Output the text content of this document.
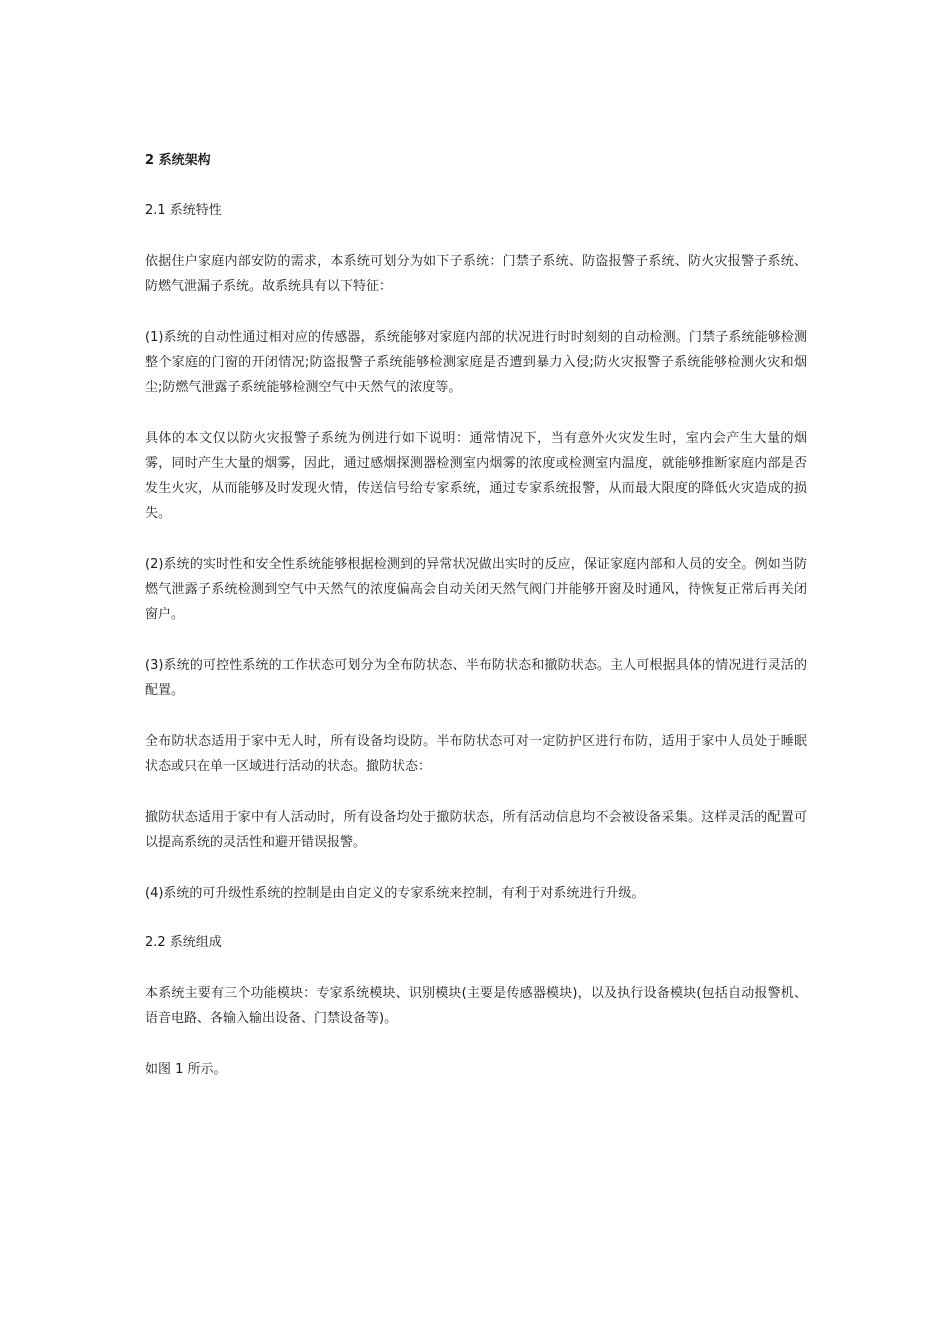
2 系统架构
2.1 系统特性
依据住户家庭内部安防的需求，本系统可划分为如下子系统：门禁子系统、防盗报警子系统、防火灾报警子系统、防燃气泄漏子系统。故系统具有以下特征：
(1)系统的自动性通过相对应的传感器，系统能够对家庭内部的状况进行时时刻刻的自动检测。门禁子系统能够检测整个家庭的门窗的开闭情况;防盗报警子系统能够检测家庭是否遭到暴力入侵;防火灾报警子系统能够检测火灾和烟尘;防燃气泄露子系统能够检测空气中天然气的浓度等。
具体的本文仅以防火灾报警子系统为例进行如下说明：通常情况下，当有意外火灾发生时，室内会产生大量的烟雾，同时产生大量的烟雾，因此，通过感烟探测器检测室内烟雾的浓度或检测室内温度，就能够推断家庭内部是否发生火灾，从而能够及时发现火情，传送信号给专家系统，通过专家系统报警，从而最大限度的降低火灾造成的损失。
(2)系统的实时性和安全性系统能够根据检测到的异常状况做出实时的反应，保证家庭内部和人员的安全。例如当防燃气泄露子系统检测到空气中天然气的浓度偏高会自动关闭天然气阀门并能够开窗及时通风，待恢复正常后再关闭窗户。
(3)系统的可控性系统的工作状态可划分为全布防状态、半布防状态和撤防状态。主人可根据具体的情况进行灵活的配置。
全布防状态适用于家中无人时，所有设备均设防。半布防状态可对一定防护区进行布防，适用于家中人员处于睡眠状态或只在单一区域进行活动的状态。撤防状态：
撤防状态适用于家中有人活动时，所有设备均处于撤防状态，所有活动信息均不会被设备采集。这样灵活的配置可以提高系统的灵活性和避开错误报警。
(4)系统的可升级性系统的控制是由自定义的专家系统来控制，有利于对系统进行升级。
2.2 系统组成
本系统主要有三个功能模块：专家系统模块、识别模块(主要是传感器模块)，以及执行设备模块(包括自动报警机、语音电路、各输入输出设备、门禁设备等)。
如图 1 所示。
